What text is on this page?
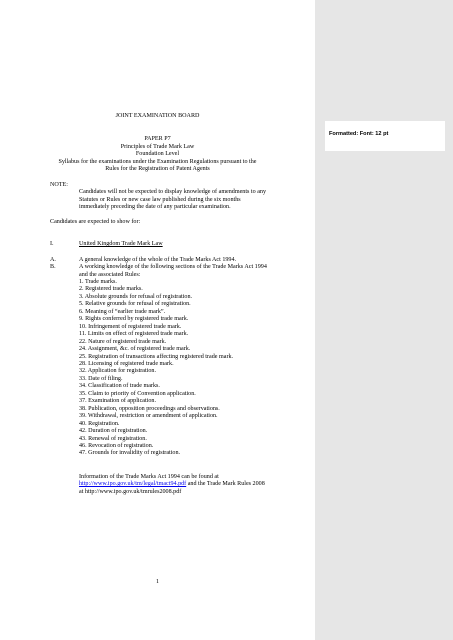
JOINT EXAMINATION BOARD
PAPER P7
Principles of Trade Mark Law
Foundation Level
Syllabus for the examinations under the Examination Regulations pursuant to the
Rules for the Registration of Patent Agents
NOTE:
Candidates will not be expected to display knowledge of amendments to any
Statutes or Rules or new case law published during the six months
immediately preceding the date of any particular examination.
Candidates are expected to show for:
I.	United Kingdom Trade Mark Law
A.	A general knowledge of the whole of the Trade Marks Act 1994.
B.	A working knowledge of the following sections of the Trade Marks Act 1994
and the associated Rules:
1. Trade marks.
2. Registered trade marks.
3. Absolute grounds for refusal of registration.
5. Relative grounds for refusal of registration.
6. Meaning of “earlier trade mark”.
9. Rights conferred by registered trade mark.
10. Infringement of registered trade mark.
11. Limits on effect of registered trade mark.
22. Nature of registered trade mark.
24. Assignment, &c. of registered trade mark.
25. Registration of transactions affecting registered trade mark.
28. Licensing of registered trade mark.
32. Application for registration.
33. Date of filing.
34. Classification of trade marks.
35. Claim to priority of Convention application.
37. Examination of application.
38. Publication, opposition proceedings and observations.
39. Withdrawal, restriction or amendment of application.
40. Registration.
42. Duration of registration.
43. Renewal of registration.
46. Revocation of registration.
47. Grounds for invalidity of registration.
Information of the Trade Marks Act 1994 can be found at
http://www.ipo.gov.uk/tm/legal/tmact94.pdf and the Trade Mark Rules 2008
at http://www.ipo.gov.uk/tmrules2008.pdf
1
Formatted: Font: 12 pt
